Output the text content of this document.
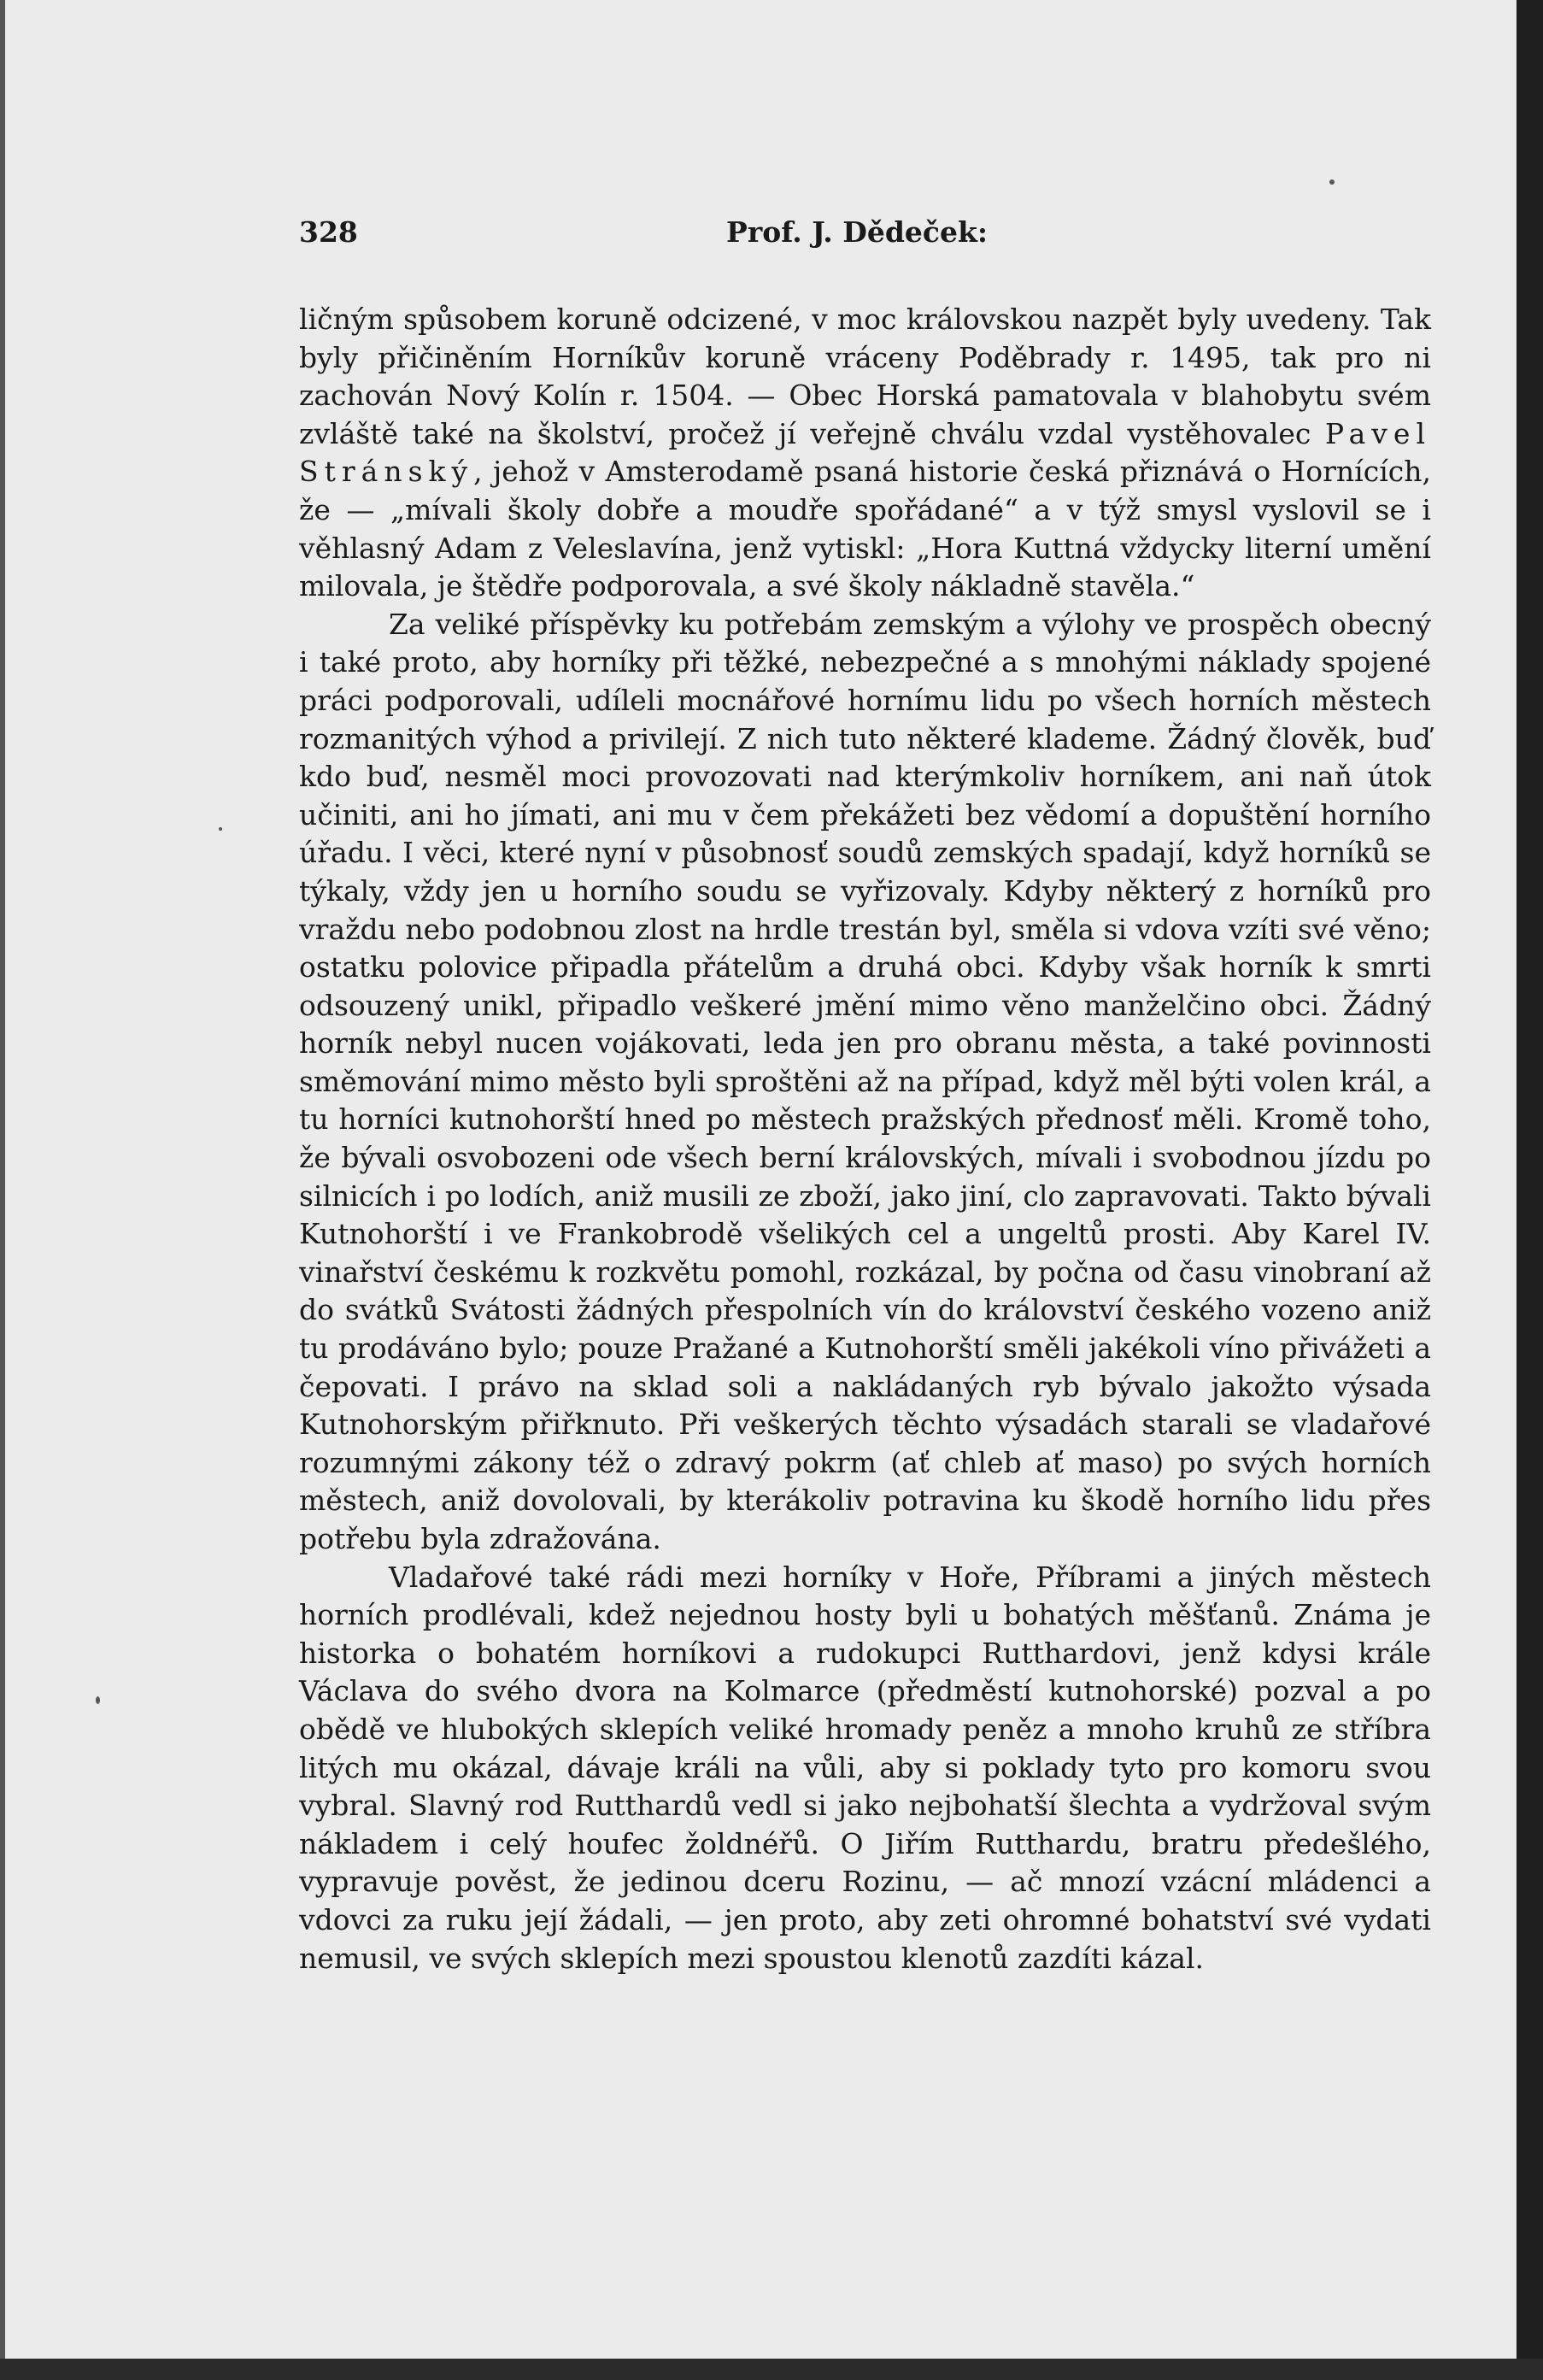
328	Prof. J. Dědeček:

ličným spůsobem koruně odcizené, v moc královskou nazpět byly uvedeny. Tak byly přičiněním Horníkův koruně vráceny Poděbrady r. 1495, tak pro ni zachován Nový Kolín r. 1504. — Obec Horská pamatovala v blahobytu svém zvláště také na školství, pročež jí veřejně chválu vzdal vystěhovalec Pavel Stránský, jehož v Amsterodamě psaná historie česká přiznává o Hornících, že — „mívali školy dobře a moudře spořádané“ a v týž smysl vyslovil se i věhlasný Adam z Veleslavína, jenž vytiskl: „Hora Kuttná vždycky literní umění milovala, je štědře podporovala, a své školy nákladně stavěla.“

Za veliké příspěvky ku potřebám zemským a výlohy ve prospěch obecný i také proto, aby horníky při těžké, nebezpečné a s mnohými náklady spojené práci podporovali, udíleli mocnářové hornímu lidu po všech horních městech rozmanitých výhod a privilejí. Z nich tuto některé klademe. Žádný člověk, buď kdo buď, nesměl moci provozovati nad kterýmkoliv horníkem, ani naň útok učiniti, ani ho jímati, ani mu v čem překážeti bez vědomí a dopuštění horního úřadu. I věci, které nyní v působnosť soudů zemských spadají, když horníků se týkaly, vždy jen u horního soudu se vyřizovaly. Kdyby některý z horníků pro vraždu nebo podobnou zlost na hrdle trestán byl, směla si vdova vzíti své věno; ostatku polovice připadla přátelům a druhá obci. Kdyby však horník k smrti odsouzený unikl, připadlo veškeré jmění mimo věno manželčino obci. Žádný horník nebyl nucen vojákovati, leda jen pro obranu města, a také povinnosti směmování mimo město byli sproštěni až na případ, když měl býti volen král, a tu horníci kutnohorští hned po městech pražských přednosť měli. Kromě toho, že bývali osvobozeni ode všech berní královských, mívali i svobodnou jízdu po silnicích i po lodích, aniž musili ze zboží, jako jiní, clo zapravovati. Takto bývali Kutnohorští i ve Frankobrodě všelikých cel a ungeltů prosti. Aby Karel IV. vinařství českému k rozkvětu pomohl, rozkázal, by počna od času vinobraní až do svátků Svátosti žádných přespolních vín do království českého vozeno aniž tu prodáváno bylo; pouze Pražané a Kutnohorští směli jakékoli víno přivážeti a čepovati. I právo na sklad soli a nakládaných ryb bývalo jakožto výsada Kutnohorským přiřknuto. Při veškerých těchto výsadách starali se vladařové rozumnými zákony též o zdravý pokrm (ať chleb ať maso) po svých horních městech, aniž dovolovali, by kterákoliv potravina ku škodě horního lidu přes potřebu byla zdražována.

Vladařové také rádi mezi horníky v Hoře, Příbrami a jiných městech horních prodlévali, kdež nejednou hosty byli u bohatých měšťanů. Známa je historka o bohatém horníkovi a rudokupci Rutthardovi, jenž kdysi krále Václava do svého dvora na Kolmarce (předměstí kutnohorské) pozval a po obědě ve hlubokých sklepích veliké hromady peněz a mnoho kruhů ze stříbra litých mu okázal, dávaje králi na vůli, aby si poklady tyto pro komoru svou vybral. Slavný rod Rutthardů vedl si jako nejbohatší šlechta a vydržoval svým nákladem i celý houfec žoldnéřů. O Jiřím Rutthardu, bratru předešlého, vypravuje pověst, že jedinou dceru Rozinu, — ač mnozí vzácní mládenci a vdovci za ruku její žádali, — jen proto, aby zeti ohromné bohatství své vydati nemusil, ve svých sklepích mezi spoustou klenotů zazdíti kázal.
